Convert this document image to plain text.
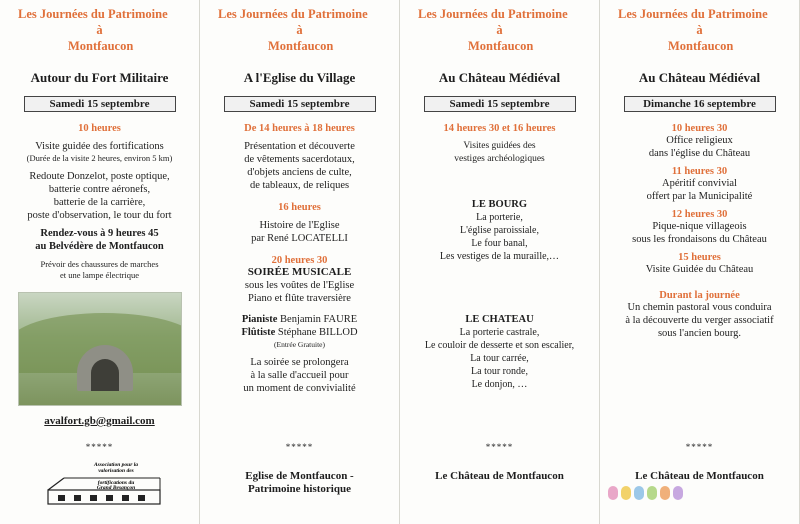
Les Journées du Patrimoine
à
Montfaucon
Autour du Fort Militaire
Samedi 15 septembre
10 heures
Visite guidée des fortifications
(Durée de la visite 2 heures, environ 5 km)
Redoute Donzelot, poste optique,
batterie contre aéronefs,
batterie de la carrière,
poste d'observation, le tour du fort
Rendez-vous à 9 heures 45
au Belvédère de Montfaucon
Prévoir des chaussures de marches
et une lampe électrique
avalfort.gb@gmail.com
*****
Association pour la
valorisation des
fortifications du
Grand Besançon
Les Journées du Patrimoine
à
Montfaucon
A l'Eglise du Village
Samedi 15 septembre
De 14 heures à 18 heures
Présentation et découverte
de vêtements sacerdotaux,
d'objets anciens de culte,
de tableaux, de reliques
16 heures
Histoire de l'Eglise
par René LOCATELLI
20 heures 30
SOIRÉE MUSICALE
sous les voûtes de l'Eglise
Piano et flûte traversière
Pianiste Benjamin FAURE
Flûtiste Stéphane BILLOD
(Entrée Gratuite)
La soirée se prolongera
à la salle d'accueil pour
un moment de convivialité
*****
Eglise de Montfaucon -
Patrimoine historique
Les Journées du Patrimoine
à
Montfaucon
Au Château Médiéval
Samedi 15 septembre
14 heures 30 et 16 heures
Visites guidées des
vestiges archéologiques
LE BOURG
La porterie,
L'église paroissiale,
Le four banal,
Les vestiges de la muraille,…
LE CHATEAU
La porterie castrale,
Le couloir de desserte et son escalier,
La tour carrée,
La tour ronde,
Le donjon, …
*****
Le Château de Montfaucon
Les Journées du Patrimoine
à
Montfaucon
Au Château Médiéval
Dimanche 16 septembre
10 heures 30
Office religieux
dans l'église du Château
11 heures 30
Apéritif convivial
offert par la Municipalité
12 heures 30
Pique-nique villageois
sous les frondaisons du Château
15 heures
Visite Guidée du Château
Durant la journée
Un chemin pastoral vous conduira
à la découverte du verger associatif
sous l'ancien bourg.
*****
Le Château de Montfaucon
